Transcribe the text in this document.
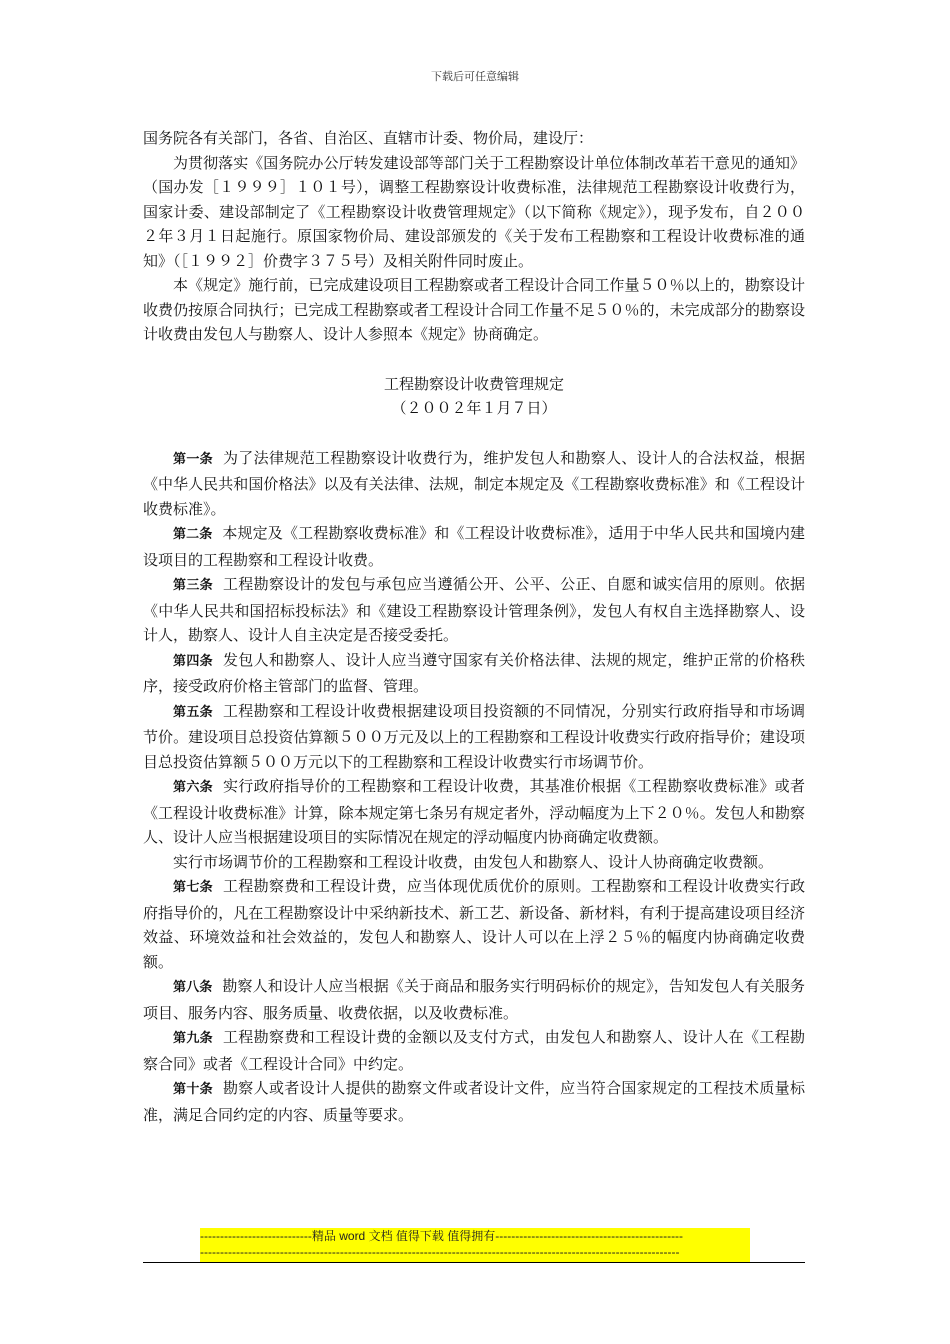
下载后可任意编辑

国务院各有关部门，各省、自治区、直辖市计委、物价局，建设厅：

为贯彻落实《国务院办公厅转发建设部等部门关于工程勘察设计单位体制改革若干意见的通知》（国办发［１９９９］１０１号），调整工程勘察设计收费标准，法律规范工程勘察设计收费行为，国家计委、建设部制定了《工程勘察设计收费管理规定》（以下简称《规定》），现予发布，自２００２年３月１日起施行。原国家物价局、建设部颁发的《关于发布工程勘察和工程设计收费标准的通知》（［１９９２］价费字３７５号）及相关附件同时废止。

本《规定》施行前，已完成建设项目工程勘察或者工程设计合同工作量５０％以上的，勘察设计收费仍按原合同执行；已完成工程勘察或者工程设计合同工作量不足５０％的，未完成部分的勘察设计收费由发包人与勘察人、设计人参照本《规定》协商确定。

工程勘察设计收费管理规定

（２００２年１月７日）

第一条 为了法律规范工程勘察设计收费行为，维护发包人和勘察人、设计人的合法权益，根据《中华人民共和国价格法》以及有关法律、法规，制定本规定及《工程勘察收费标准》和《工程设计收费标准》。

第二条 本规定及《工程勘察收费标准》和《工程设计收费标准》，适用于中华人民共和国境内建设项目的工程勘察和工程设计收费。

第三条 工程勘察设计的发包与承包应当遵循公开、公平、公正、自愿和诚实信用的原则。依据《中华人民共和国招标投标法》和《建设工程勘察设计管理条例》，发包人有权自主选择勘察人、设计人，勘察人、设计人自主决定是否接受委托。

第四条 发包人和勘察人、设计人应当遵守国家有关价格法律、法规的规定，维护正常的价格秩序，接受政府价格主管部门的监督、管理。

第五条 工程勘察和工程设计收费根据建设项目投资额的不同情况，分别实行政府指导和市场调节价。建设项目总投资估算额５００万元及以上的工程勘察和工程设计收费实行政府指导价；建设项目总投资估算额５００万元以下的工程勘察和工程设计收费实行市场调节价。

第六条 实行政府指导价的工程勘察和工程设计收费，其基准价根据《工程勘察收费标准》或者《工程设计收费标准》计算，除本规定第七条另有规定者外，浮动幅度为上下２０％。发包人和勘察人、设计人应当根据建设项目的实际情况在规定的浮动幅度内协商确定收费额。

实行市场调节价的工程勘察和工程设计收费，由发包人和勘察人、设计人协商确定收费额。

第七条 工程勘察费和工程设计费，应当体现优质优价的原则。工程勘察和工程设计收费实行政府指导价的，凡在工程勘察设计中采纳新技术、新工艺、新设备、新材料，有利于提高建设项目经济效益、环境效益和社会效益的，发包人和勘察人、设计人可以在上浮２５％的幅度内协商确定收费额。

第八条 勘察人和设计人应当根据《关于商品和服务实行明码标价的规定》，告知发包人有关服务项目、服务内容、服务质量、收费依据，以及收费标准。

第九条 工程勘察费和工程设计费的金额以及支付方式，由发包人和勘察人、设计人在《工程勘察合同》或者《工程设计合同》中约定。

第十条 勘察人或者设计人提供的勘察文件或者设计文件，应当符合国家规定的工程技术质量标准，满足合同约定的内容、质量等要求。

----------------------------精品 word 文档 值得下载 值得拥有-----------------------------------------------
------------------------------------------------------------------------------------------------------------------------
